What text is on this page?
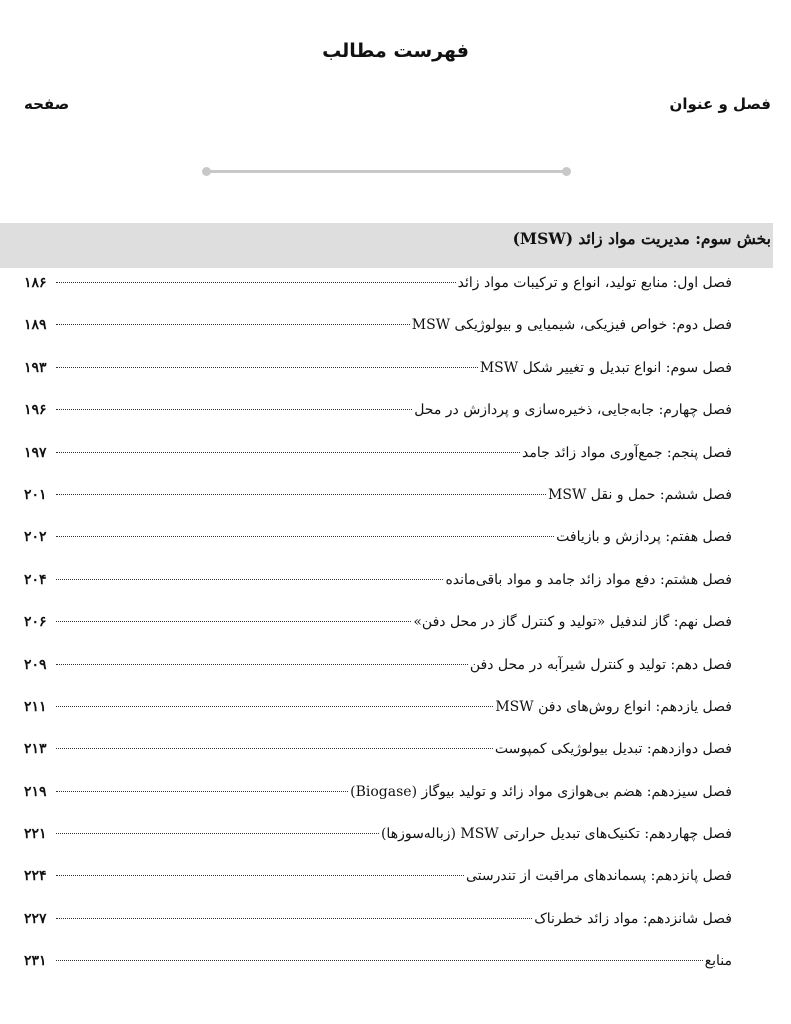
فهرست مطالب
فصل و عنوان
صفحه
بخش سوم: مدیریت مواد زائد (MSW)
فصل اول: منابع تولید، انواع و ترکیبات مواد زائد
۱۸۶
فصل دوم: خواص فیزیکی، شیمیایی و بیولوژیکی MSW
۱۸۹
فصل سوم: انواع تبدیل و تغییر شکل MSW
۱۹۳
فصل چهارم: جابه‌جایی، ذخیره‌سازی و پردازش در محل
۱۹۶
فصل پنجم: جمع‌آوری مواد زائد جامد
۱۹۷
فصل ششم: حمل و نقل MSW
۲۰۱
فصل هفتم: پردازش و بازیافت
۲۰۲
فصل هشتم: دفع مواد زائد جامد و مواد باقی‌مانده
۲۰۴
فصل نهم: گاز لندفیل «تولید و کنترل گاز در محل دفن»
۲۰۶
فصل دهم: تولید و کنترل شیرآبه در محل دفن
۲۰۹
فصل یازدهم: انواع روش‌های دفن MSW
۲۱۱
فصل دوازدهم: تبدیل بیولوژیکی کمپوست
۲۱۳
فصل سیزدهم: هضم بی‌هوازی مواد زائد و تولید بیوگاز (Biogase)
۲۱۹
فصل چهاردهم: تکنیک‌های تبدیل حرارتی MSW (زباله‌سوزها)
۲۲۱
فصل پانزدهم: پسماندهای مراقبت از تندرستی
۲۲۴
فصل شانزدهم: مواد زائد خطرناک
۲۲۷
منابع
۲۳۱
